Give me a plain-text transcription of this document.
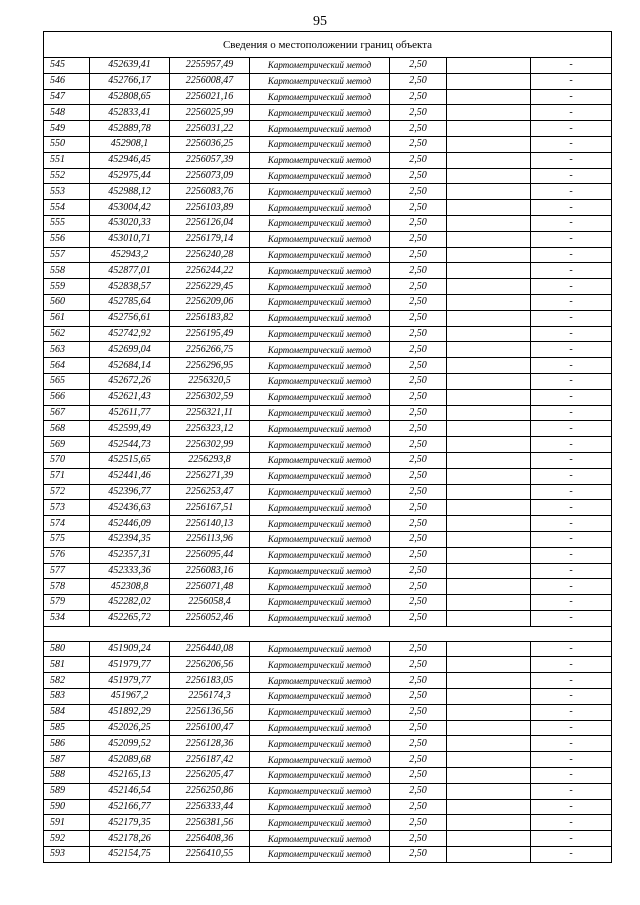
95
Сведения о местоположении границ объекта						
545	452639,41	2255957,49	Картометрический метод	2,50		-
546	452766,17	2256008,47	Картометрический метод	2,50		-
547	452808,65	2256021,16	Картометрический метод	2,50		-
548	452833,41	2256025,99	Картометрический метод	2,50		-
549	452889,78	2256031,22	Картометрический метод	2,50		-
550	452908,1	2256036,25	Картометрический метод	2,50		-
551	452946,45	2256057,39	Картометрический метод	2,50		-
552	452975,44	2256073,09	Картометрический метод	2,50		-
553	452988,12	2256083,76	Картометрический метод	2,50		-
554	453004,42	2256103,89	Картометрический метод	2,50		-
555	453020,33	2256126,04	Картометрический метод	2,50		-
556	453010,71	2256179,14	Картометрический метод	2,50		-
557	452943,2	2256240,28	Картометрический метод	2,50		-
558	452877,01	2256244,22	Картометрический метод	2,50		-
559	452838,57	2256229,45	Картометрический метод	2,50		-
560	452785,64	2256209,06	Картометрический метод	2,50		-
561	452756,61	2256183,82	Картометрический метод	2,50		-
562	452742,92	2256195,49	Картометрический метод	2,50		-
563	452699,04	2256266,75	Картометрический метод	2,50		-
564	452684,14	2256296,95	Картометрический метод	2,50		-
565	452672,26	2256320,5	Картометрический метод	2,50		-
566	452621,43	2256302,59	Картометрический метод	2,50		-
567	452611,77	2256321,11	Картометрический метод	2,50		-
568	452599,49	2256323,12	Картометрический метод	2,50		-
569	452544,73	2256302,99	Картометрический метод	2,50		-
570	452515,65	2256293,8	Картометрический метод	2,50		-
571	452441,46	2256271,39	Картометрический метод	2,50		-
572	452396,77	2256253,47	Картометрический метод	2,50		-
573	452436,63	2256167,51	Картометрический метод	2,50		-
574	452446,09	2256140,13	Картометрический метод	2,50		-
575	452394,35	2256113,96	Картометрический метод	2,50		-
576	452357,31	2256095,44	Картометрический метод	2,50		-
577	452333,36	2256083,16	Картометрический метод	2,50		-
578	452308,8	2256071,48	Картометрический метод	2,50		-
579	452282,02	2256058,4	Картометрический метод	2,50		-
534	452265,72	2256052,46	Картометрический метод	2,50		-

580	451909,24	2256440,08	Картометрический метод	2,50		-
581	451979,77	2256206,56	Картометрический метод	2,50		-
582	451979,77	2256183,05	Картометрический метод	2,50		-
583	451967,2	2256174,3	Картометрический метод	2,50		-
584	451892,29	2256136,56	Картометрический метод	2,50		-
585	452026,25	2256100,47	Картометрический метод	2,50		-
586	452099,52	2256128,36	Картометрический метод	2,50		-
587	452089,68	2256187,42	Картометрический метод	2,50		-
588	452165,13	2256205,47	Картометрический метод	2,50		-
589	452146,54	2256250,86	Картометрический метод	2,50		-
590	452166,77	2256333,44	Картометрический метод	2,50		-
591	452179,35	2256381,56	Картометрический метод	2,50		-
592	452178,26	2256408,36	Картометрический метод	2,50		-
593	452154,75	2256410,55	Картометрический метод	2,50		-
